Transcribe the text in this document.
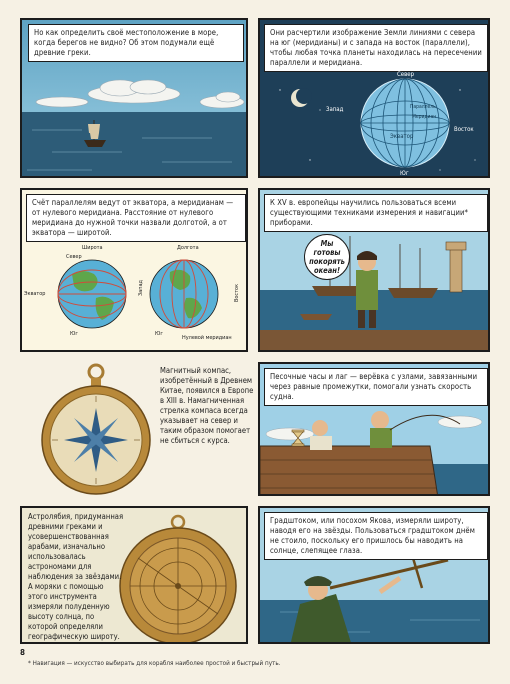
Но как определить своё местоположение в море, когда берегов не видно? Об этом подумали ещё древние греки.
Они расчертили изображение Земли линиями с севера на юг (меридианы) и с запада на восток (параллели), чтобы любая точка планеты находилась на пересечении параллели и меридиана.
Север
Запад
Восток
Юг
Экватор
Параллель
Меридиан
Счёт параллелям ведут от экватора, а меридианам — от нулевого меридиана. Расстояние от нулевого меридиана до нужной точки назвали долготой, а от экватора — широтой.
Широта
Север
Экватор
Юг
Долгота
Запад	Восток
Юг
Нулевой меридиан
К XV в. европейцы научились пользоваться всеми существующими техниками измерения и навигации* приборами.
Мы готовы покорять океан!
Магнитный компас, изобретённый в Древнем Китае, появился в Европе в XIII в. Намагниченная стрелка компаса всегда указывает на север и таким образом помогает не сбиться с курса.
Песочные часы и лаг — верёвка с узлами, завязанными через равные промежутки, помогали узнать скорость судна.
Астролябия, придуманная древними греками и усовершенствованная арабами, изначально использовалась астрономами для наблюдения за звёздами. А моряки с помощью этого инструмента измеряли полуденную высоту солнца, по которой определяли географическую широту.
Градштоком, или посохом Якова, измеряли широту, наводя его на звёзды. Пользоваться градштоком днём не стоило, поскольку его пришлось бы наводить на солнце, слепящее глаза.
8
* Навигация — искусство выбирать для корабля наиболее простой и быстрый путь.
